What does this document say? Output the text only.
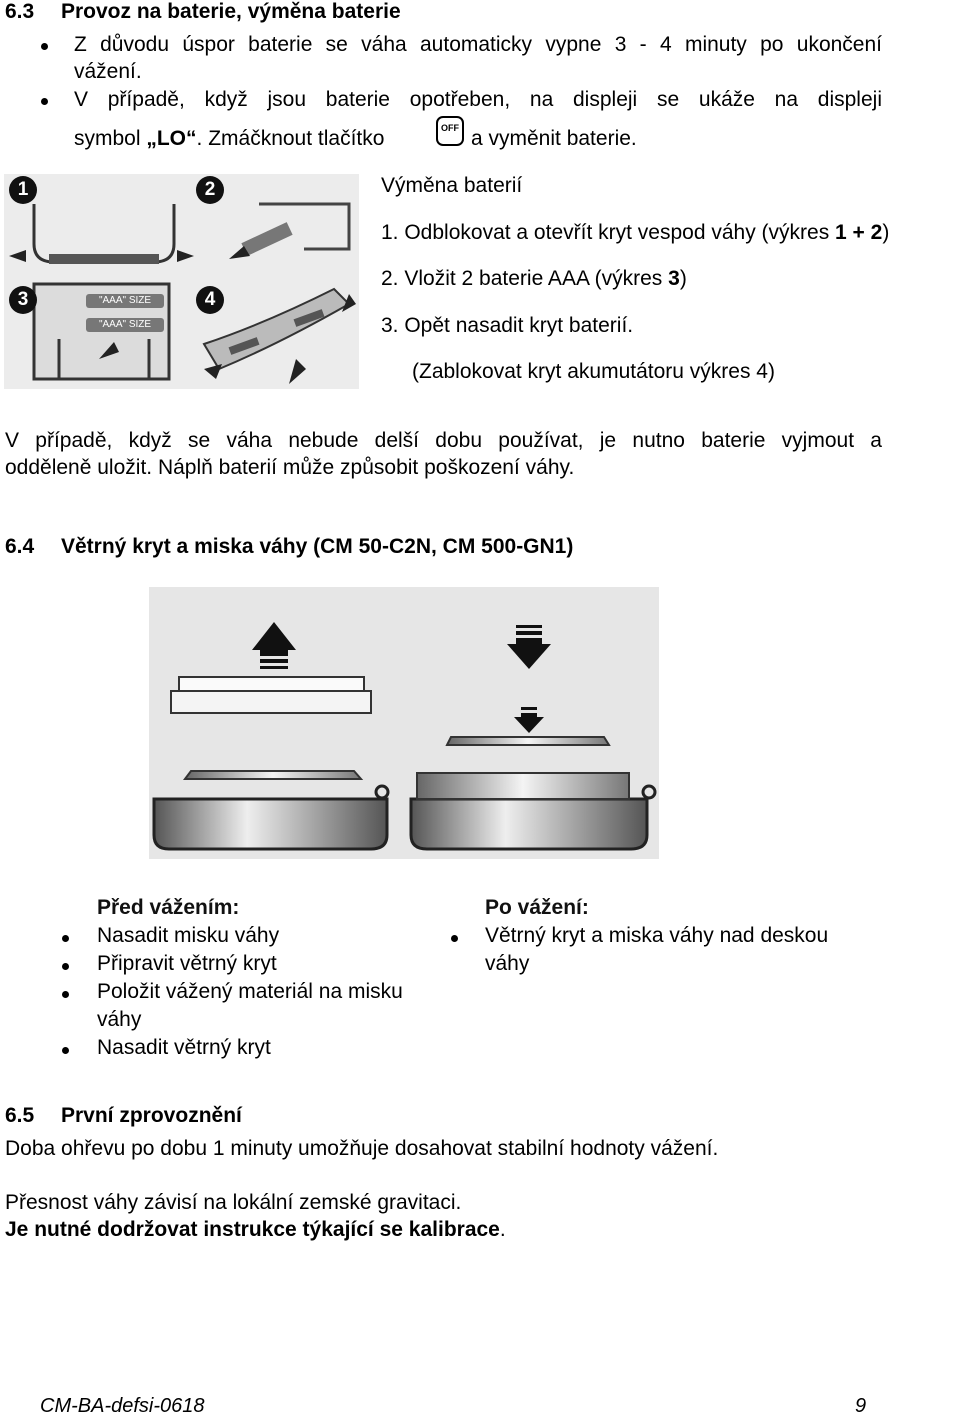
6.3 Provoz na baterie, výměna baterie
Z důvodu úspor baterie se váha automaticky vypne 3 - 4 minuty po ukončení
vážení.
V případě, když jsou baterie opotřeben, na displeji se ukáže na displeji
symbol „LO“. Zmáčknout tlačítko	OFF a vyměnit baterie.
1	2
3	4
"AAA" SIZE
"AAA" SIZE
Výměna baterií
1. Odblokovat a otevřít kryt vespod váhy (výkres 1 + 2)
2. Vložit 2 baterie AAA (výkres 3)
3. Opět nasadit kryt baterií.
(Zablokovat kryt akumutátoru výkres 4)
V případě, když se váha nebude delší dobu používat, je nutno baterie vyjmout a
odděleně uložit. Náplň baterií může způsobit poškození váhy.
6.4 Větrný kryt a miska váhy (CM 50-C2N, CM 500-GN1)
Před vážením:
Nasadit misku váhy
Připravit větrný kryt
Položit vážený materiál na misku
váhy
Nasadit větrný kryt
Po vážení:
Větrný kryt a miska váhy nad deskou
váhy
6.5 První zprovoznění
Doba ohřevu po dobu 1 minuty umožňuje dosahovat stabilní hodnoty vážení.
Přesnost váhy závisí na lokální zemské gravitaci.
Je nutné dodržovat instrukce týkající se kalibrace.
CM-BA-defsi-0618	9
